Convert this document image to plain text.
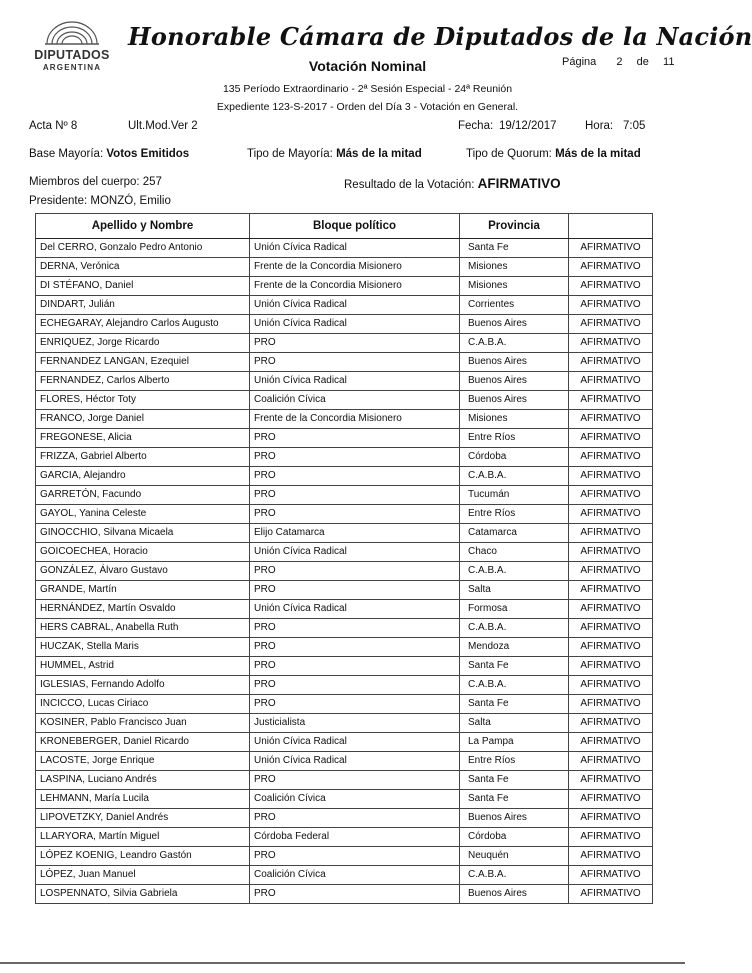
DIPUTADOS
ARGENTINA
Honorable Cámara de Diputados de la Nación
Votación Nominal	Página 2 de 11
135 Período Extraordinario - 2ª Sesión Especial - 24ª Reunión
Expediente 123-S-2017 - Orden del Día 3 - Votación en General.
Acta Nº 8	Ult.Mod.Ver 2	Fecha: 19/12/2017 Hora: 7:05
Base Mayoría: Votos Emitidos	Tipo de Mayoría: Más de la mitad	Tipo de Quorum: Más de la mitad
Miembros del cuerpo: 257	Resultado de la Votación: AFIRMATIVO
Presidente: MONZÓ, Emilio
Apellido y Nombre	Bloque político	Provincia	
Del CERRO, Gonzalo Pedro Antonio	Unión Cívica Radical	Santa Fe	AFIRMATIVO
DERNA, Verónica	Frente de la Concordia Misionero	Misiones	AFIRMATIVO
DI STÉFANO, Daniel	Frente de la Concordia Misionero	Misiones	AFIRMATIVO
DINDART, Julián	Unión Cívica Radical	Corrientes	AFIRMATIVO
ECHEGARAY, Alejandro Carlos Augusto	Unión Cívica Radical	Buenos Aires	AFIRMATIVO
ENRIQUEZ, Jorge Ricardo	PRO	C.A.B.A.	AFIRMATIVO
FERNANDEZ LANGAN, Ezequiel	PRO	Buenos Aires	AFIRMATIVO
FERNANDEZ, Carlos Alberto	Unión Cívica Radical	Buenos Aires	AFIRMATIVO
FLORES, Héctor Toty	Coalición Cívica	Buenos Aires	AFIRMATIVO
FRANCO, Jorge Daniel	Frente de la Concordia Misionero	Misiones	AFIRMATIVO
FREGONESE, Alicia	PRO	Entre Ríos	AFIRMATIVO
FRIZZA, Gabriel Alberto	PRO	Córdoba	AFIRMATIVO
GARCIA, Alejandro	PRO	C.A.B.A.	AFIRMATIVO
GARRETÓN, Facundo	PRO	Tucumán	AFIRMATIVO
GAYOL, Yanina Celeste	PRO	Entre Ríos	AFIRMATIVO
GINOCCHIO, Silvana Micaela	Elijo Catamarca	Catamarca	AFIRMATIVO
GOICOECHEA, Horacio	Unión Cívica Radical	Chaco	AFIRMATIVO
GONZÁLEZ, Álvaro Gustavo	PRO	C.A.B.A.	AFIRMATIVO
GRANDE, Martín	PRO	Salta	AFIRMATIVO
HERNÁNDEZ, Martín Osvaldo	Unión Cívica Radical	Formosa	AFIRMATIVO
HERS CABRAL, Anabella Ruth	PRO	C.A.B.A.	AFIRMATIVO
HUCZAK, Stella Maris	PRO	Mendoza	AFIRMATIVO
HUMMEL, Astrid	PRO	Santa Fe	AFIRMATIVO
IGLESIAS, Fernando Adolfo	PRO	C.A.B.A.	AFIRMATIVO
INCICCO, Lucas Ciriaco	PRO	Santa Fe	AFIRMATIVO
KOSINER, Pablo Francisco Juan	Justicialista	Salta	AFIRMATIVO
KRONEBERGER, Daniel Ricardo	Unión Cívica Radical	La Pampa	AFIRMATIVO
LACOSTE, Jorge Enrique	Unión Cívica Radical	Entre Ríos	AFIRMATIVO
LASPINA, Luciano Andrés	PRO	Santa Fe	AFIRMATIVO
LEHMANN, María Lucila	Coalición Cívica	Santa Fe	AFIRMATIVO
LIPOVETZKY, Daniel Andrés	PRO	Buenos Aires	AFIRMATIVO
LLARYORA, Martín Miguel	Córdoba Federal	Córdoba	AFIRMATIVO
LÓPEZ KOENIG, Leandro Gastón	PRO	Neuquén	AFIRMATIVO
LÓPEZ, Juan Manuel	Coalición Cívica	C.A.B.A.	AFIRMATIVO
LOSPENNATO, Silvia Gabriela	PRO	Buenos Aires	AFIRMATIVO
